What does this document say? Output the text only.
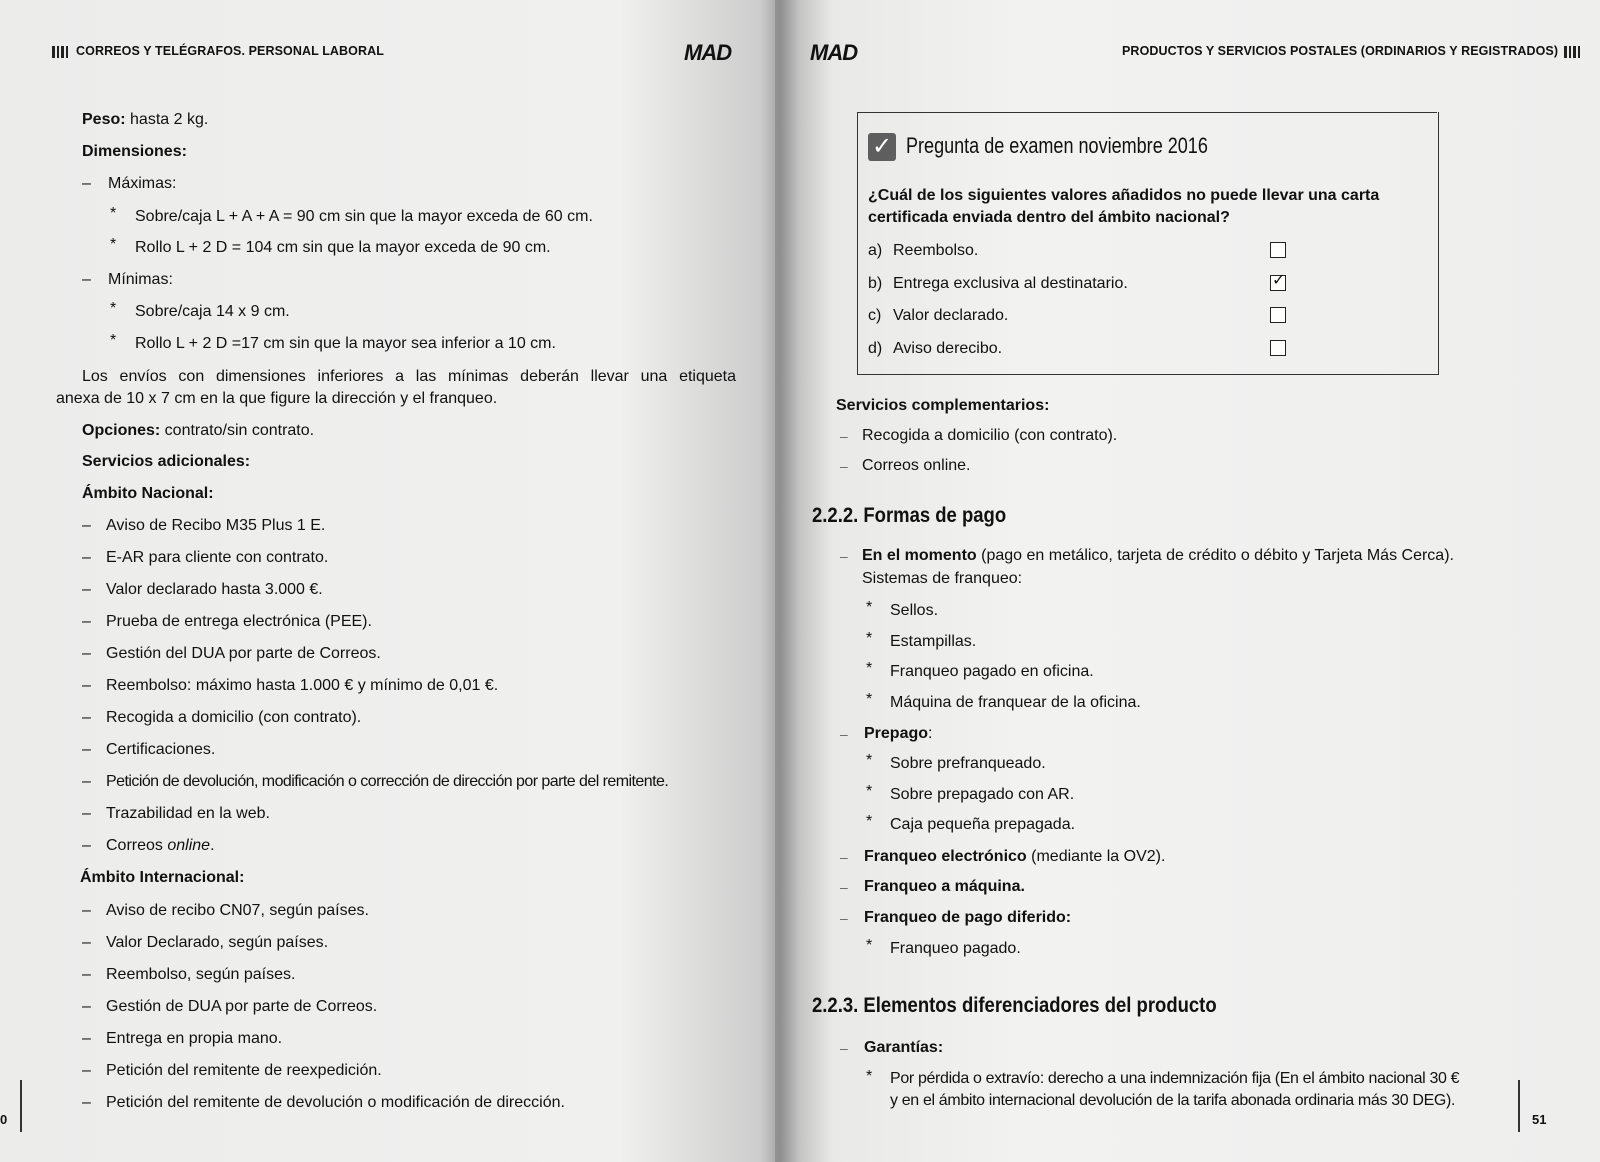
CORREOS Y TELÉGRAFOS. PERSONAL LABORAL	MAD
Peso: hasta 2 kg.
Dimensiones:
– Máximas:
* Sobre/caja L + A + A = 90 cm sin que la mayor exceda de 60 cm.
* Rollo L + 2 D = 104 cm sin que la mayor exceda de 90 cm.
– Mínimas:
* Sobre/caja 14 x 9 cm.
* Rollo L + 2 D =17 cm sin que la mayor sea inferior a 10 cm.
Los envíos con dimensiones inferiores a las mínimas deberán llevar una etiqueta
anexa de 10 x 7 cm en la que figure la dirección y el franqueo.
Opciones: contrato/sin contrato.
Servicios adicionales:
Ámbito Nacional:
– Aviso de Recibo M35 Plus 1 E.
– E-AR para cliente con contrato.
– Valor declarado hasta 3.000 €.
– Prueba de entrega electrónica (PEE).
– Gestión del DUA por parte de Correos.
– Reembolso: máximo hasta 1.000 € y mínimo de 0,01 €.
– Recogida a domicilio (con contrato).
– Certificaciones.
– Petición de devolución, modificación o corrección de dirección por parte del remitente.
– Trazabilidad en la web.
– Correos online.
Ámbito Internacional:
– Aviso de recibo CN07, según países.
– Valor Declarado, según países.
– Reembolso, según países.
– Gestión de DUA por parte de Correos.
– Entrega en propia mano.
– Petición del remitente de reexpedición.
– Petición del remitente de devolución o modificación de dirección.
0
MAD	PRODUCTOS Y SERVICIOS POSTALES (ORDINARIOS Y REGISTRADOS)
✓ Pregunta de examen noviembre 2016
¿Cuál de los siguientes valores añadidos no puede llevar una carta
certificada enviada dentro del ámbito nacional?
a) Reembolso.
b) Entrega exclusiva al destinatario.	✓
c) Valor declarado.
d) Aviso derecibo.
Servicios complementarios:
– Recogida a domicilio (con contrato).
– Correos online.
2.2.2. Formas de pago
– En el momento (pago en metálico, tarjeta de crédito o débito y Tarjeta Más Cerca).
Sistemas de franqueo:
* Sellos.
* Estampillas.
* Franqueo pagado en oficina.
* Máquina de franquear de la oficina.
– Prepago:
* Sobre prefranqueado.
* Sobre prepagado con AR.
* Caja pequeña prepagada.
– Franqueo electrónico (mediante la OV2).
– Franqueo a máquina.
– Franqueo de pago diferido:
* Franqueo pagado.
2.2.3. Elementos diferenciadores del producto
– Garantías:
* Por pérdida o extravío: derecho a una indemnización fija (En el ámbito nacional 30 €
y en el ámbito internacional devolución de la tarifa abonada ordinaria más 30 DEG).
51
